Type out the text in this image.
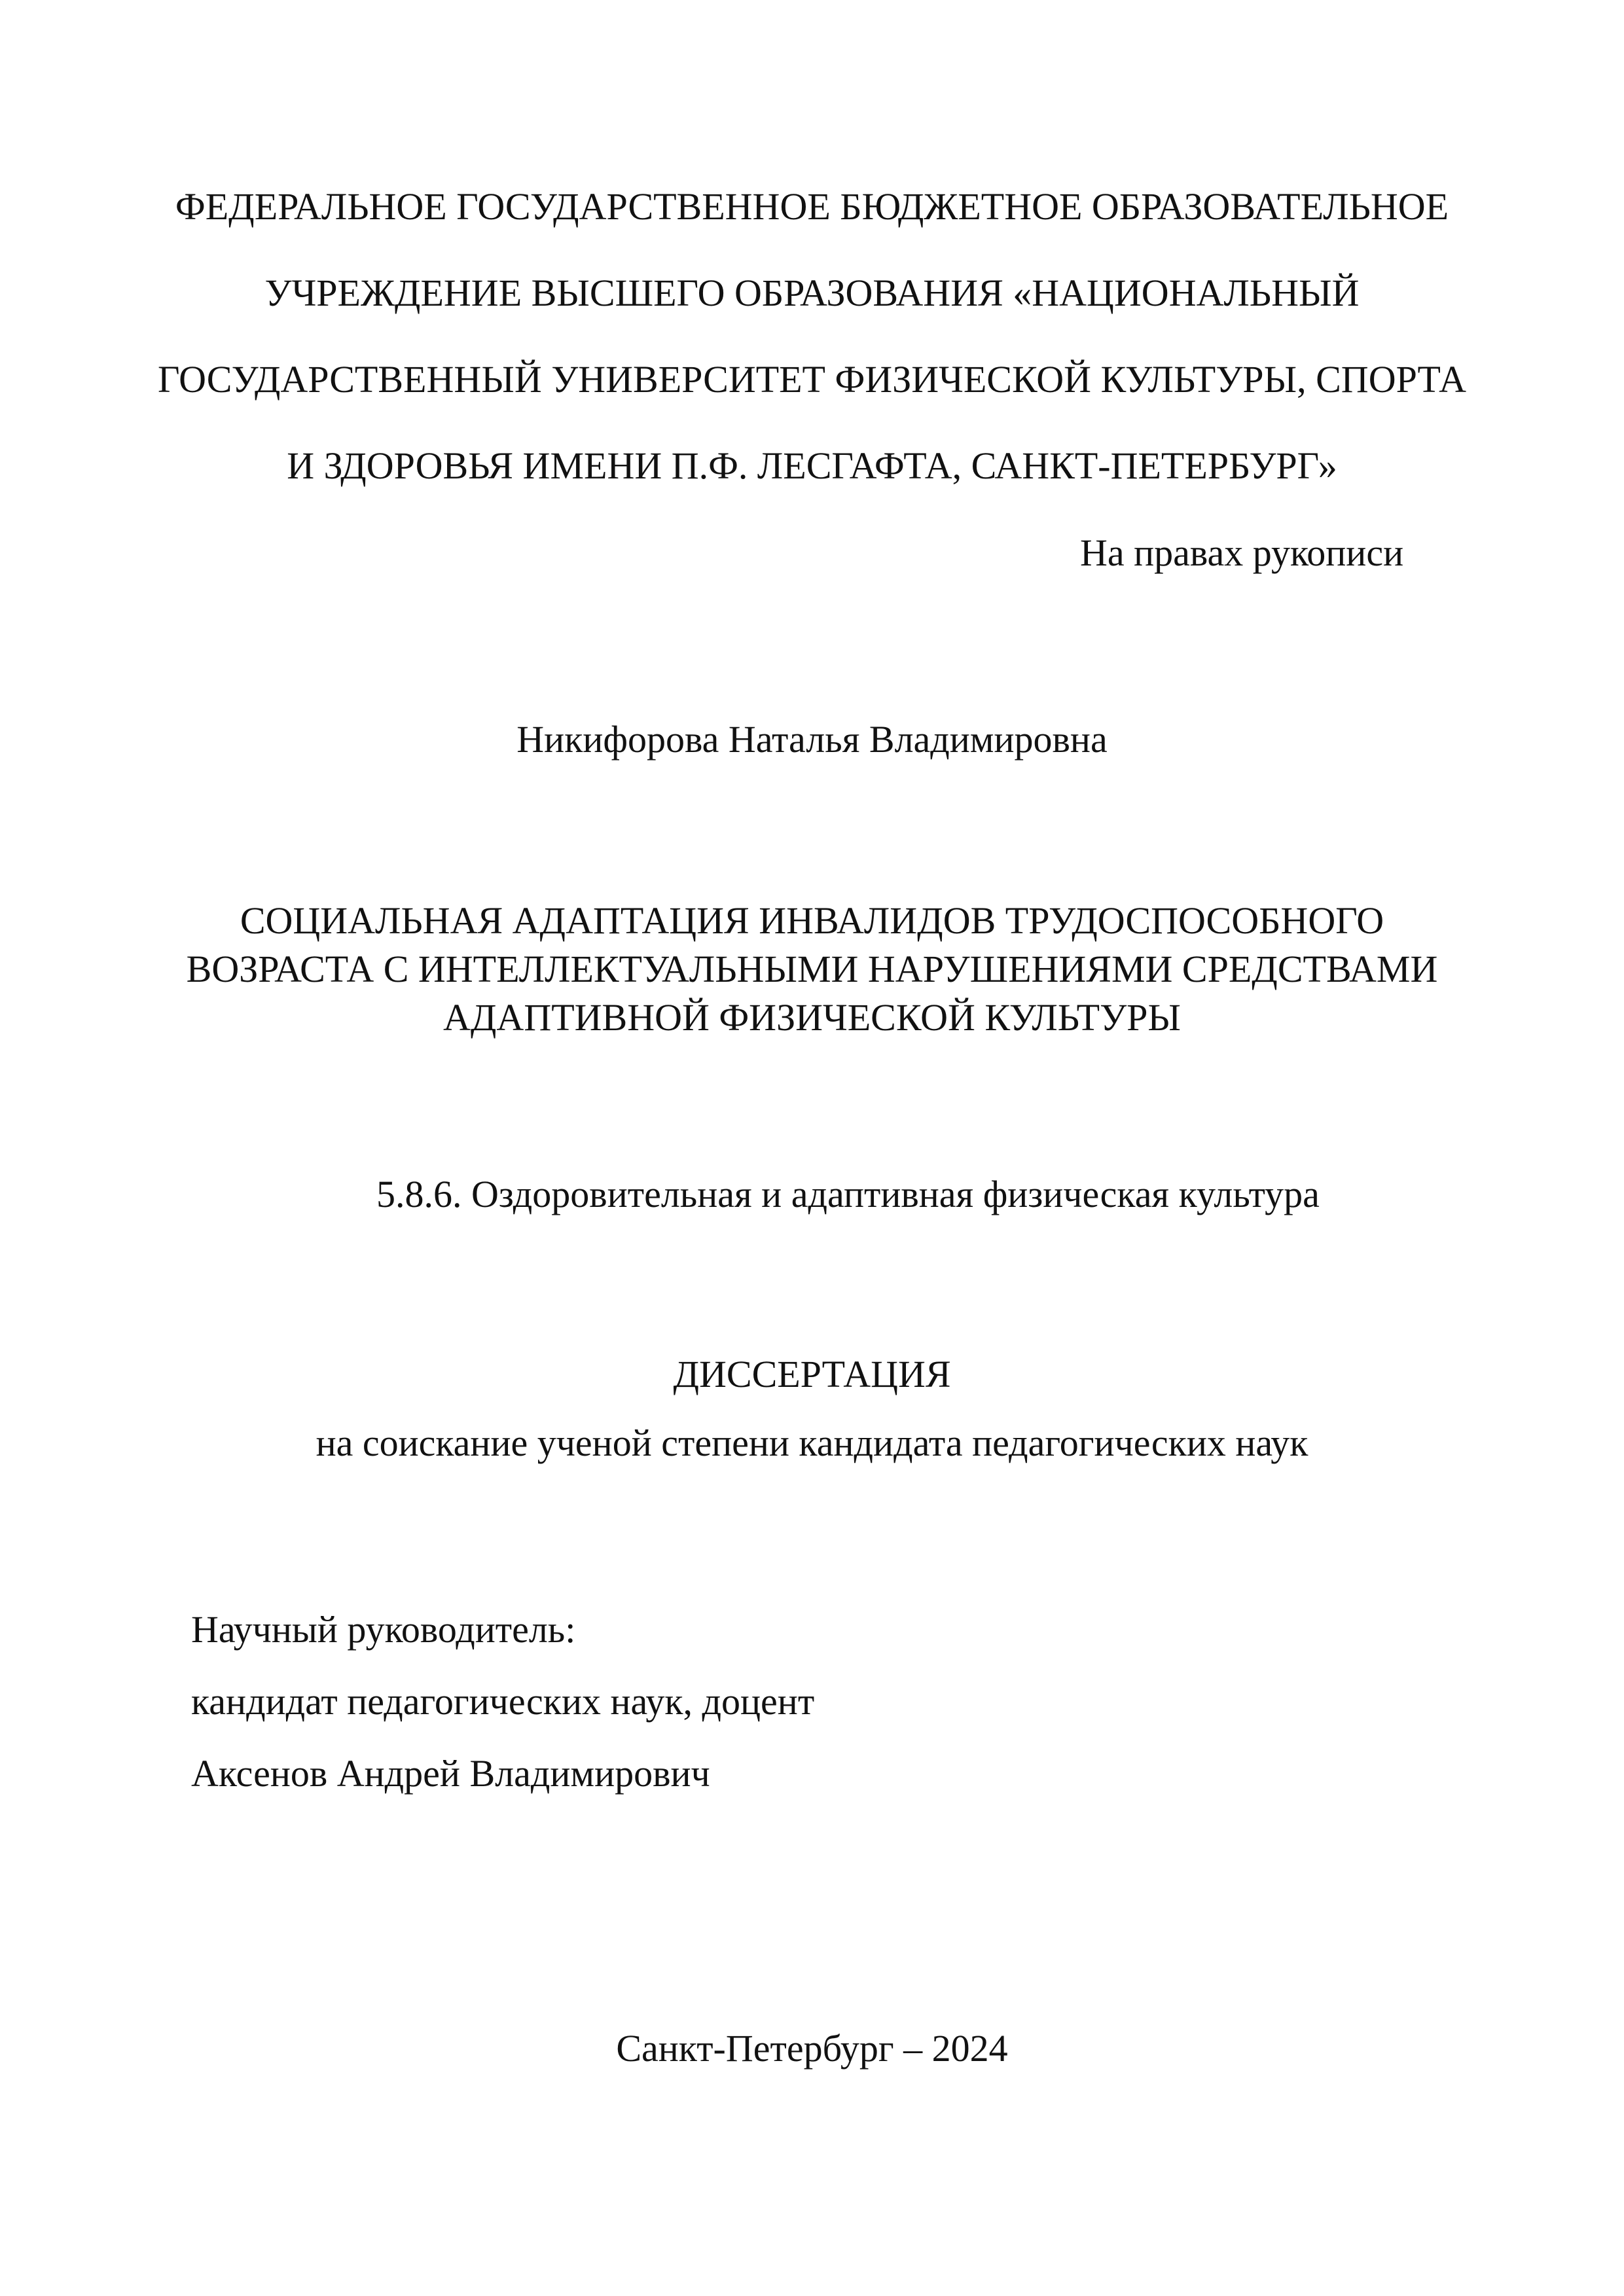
ФЕДЕРАЛЬНОЕ ГОСУДАРСТВЕННОЕ БЮДЖЕТНОЕ ОБРАЗОВАТЕЛЬНОЕ
УЧРЕЖДЕНИЕ ВЫСШЕГО ОБРАЗОВАНИЯ «НАЦИОНАЛЬНЫЙ
ГОСУДАРСТВЕННЫЙ УНИВЕРСИТЕТ ФИЗИЧЕСКОЙ КУЛЬТУРЫ, СПОРТА
И ЗДОРОВЬЯ ИМЕНИ П.Ф. ЛЕСГАФТА, САНКТ-ПЕТЕРБУРГ»
На правах рукописи
Никифорова Наталья Владимировна
СОЦИАЛЬНАЯ АДАПТАЦИЯ ИНВАЛИДОВ ТРУДОСПОСОБНОГО
ВОЗРАСТА С ИНТЕЛЛЕКТУАЛЬНЫМИ НАРУШЕНИЯМИ СРЕДСТВАМИ
АДАПТИВНОЙ ФИЗИЧЕСКОЙ КУЛЬТУРЫ
5.8.6. Оздоровительная и адаптивная физическая культура
ДИССЕРТАЦИЯ
на соискание ученой степени кандидата педагогических наук
Научный руководитель:
кандидат педагогических наук, доцент
Аксенов Андрей Владимирович
Санкт-Петербург – 2024
